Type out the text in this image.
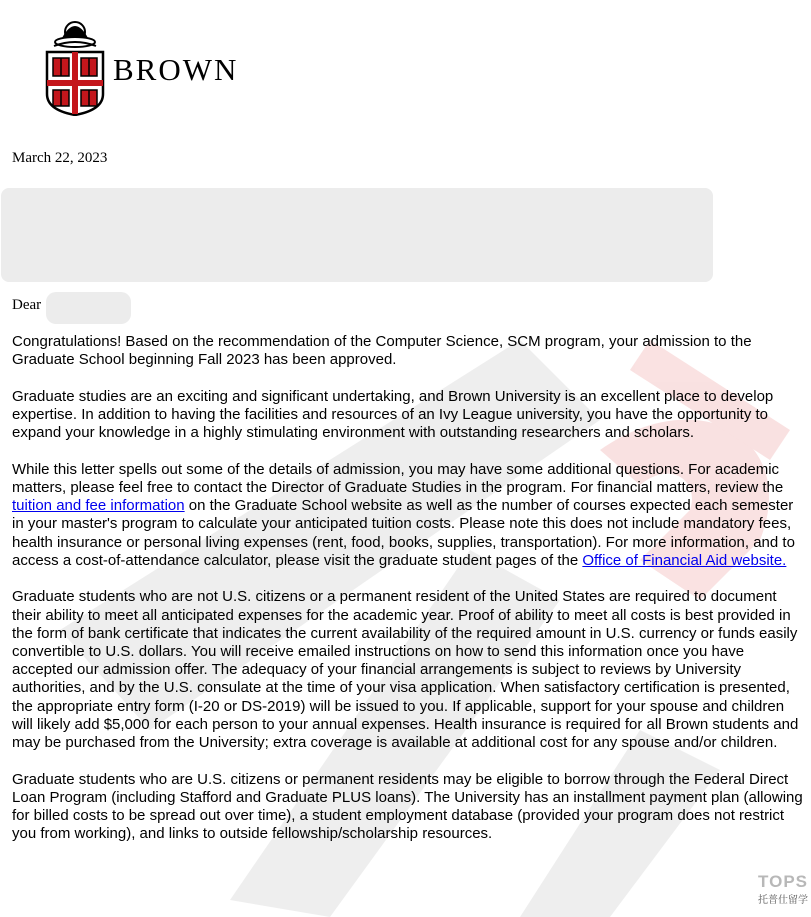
BROWN
March 22, 2023
Dear

Congratulations! Based on the recommendation of the Computer Science, SCM program, your admission to the Graduate School beginning Fall 2023 has been approved.

Graduate studies are an exciting and significant undertaking, and Brown University is an excellent place to develop expertise. In addition to having the facilities and resources of an Ivy League university, you have the opportunity to expand your knowledge in a highly stimulating environment with outstanding researchers and scholars.

While this letter spells out some of the details of admission, you may have some additional questions. For academic matters, please feel free to contact the Director of Graduate Studies in the program. For financial matters, review the tuition and fee information on the Graduate School website as well as the number of courses expected each semester in your master's program to calculate your anticipated tuition costs. Please note this does not include mandatory fees, health insurance or personal living expenses (rent, food, books, supplies, transportation). For more information, and to access a cost-of-attendance calculator, please visit the graduate student pages of the Office of Financial Aid website.

Graduate students who are not U.S. citizens or a permanent resident of the United States are required to document their ability to meet all anticipated expenses for the academic year. Proof of ability to meet all costs is best provided in the form of bank certificate that indicates the current availability of the required amount in U.S. currency or funds easily convertible to U.S. dollars. You will receive emailed instructions on how to send this information once you have accepted our admission offer. The adequacy of your financial arrangements is subject to reviews by University authorities, and by the U.S. consulate at the time of your visa application. When satisfactory certification is presented, the appropriate entry form (I-20 or DS-2019) will be issued to you. If applicable, support for your spouse and children will likely add $5,000 for each person to your annual expenses. Health insurance is required for all Brown students and may be purchased from the University; extra coverage is available at additional cost for any spouse and/or children.

Graduate students who are U.S. citizens or permanent residents may be eligible to borrow through the Federal Direct Loan Program (including Stafford and Graduate PLUS loans). The University has an installment payment plan (allowing for billed costs to be spread out over time), a student employment database (provided your program does not restrict you from working), and links to outside fellowship/scholarship resources.

TOPS
托普仕留学
